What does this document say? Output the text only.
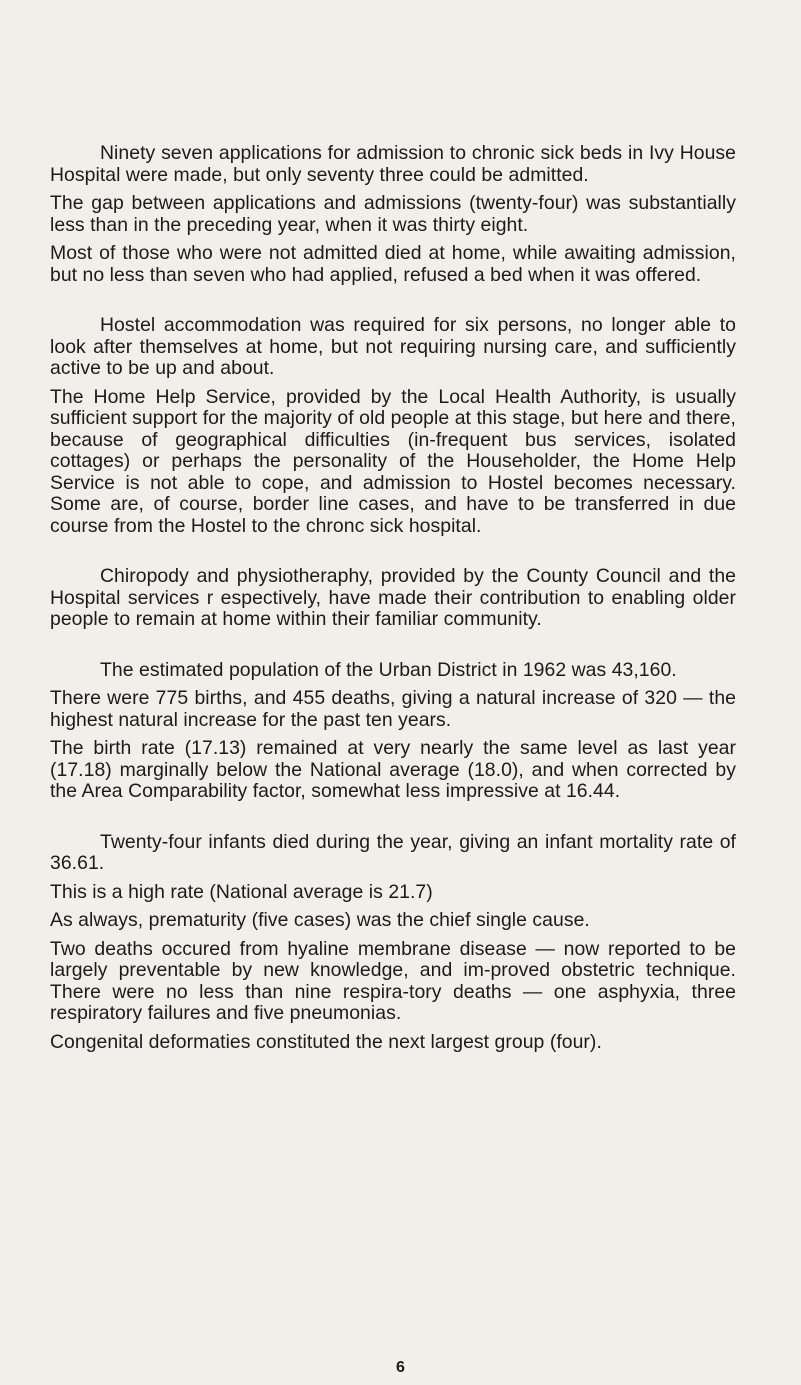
Ninety seven applications for admission to chronic sick beds in Ivy House Hospital were made, but only seventy three could be admitted.

The gap between applications and admissions (twenty-four) was substantially less than in the preceding year, when it was thirty eight.

Most of those who were not admitted died at home, while awaiting admission, but no less than seven who had applied, refused a bed when it was offered.

Hostel accommodation was required for six persons, no longer able to look after themselves at home, but not requiring nursing care, and sufficiently active to be up and about.

The Home Help Service, provided by the Local Health Authority, is usually sufficient support for the majority of old people at this stage, but here and there, because of geographical difficulties (in-frequent bus services, isolated cottages) or perhaps the personality of the Householder, the Home Help Service is not able to cope, and admission to Hostel becomes necessary. Some are, of course, border line cases, and have to be transferred in due course from the Hostel to the chronc sick hospital.

Chiropody and physiotheraphy, provided by the County Council and the Hospital services r espectively, have made their contribution to enabling older people to remain at home within their familiar community.

The estimated population of the Urban District in 1962 was 43,160.

There were 775 births, and 455 deaths, giving a natural increase of 320 — the highest natural increase for the past ten years.

The birth rate (17.13) remained at very nearly the same level as last year (17.18) marginally below the National average (18.0), and when corrected by the Area Comparability factor, somewhat less impressive at 16.44.

Twenty-four infants died during the year, giving an infant mortality rate of 36.61.

This is a high rate (National average is 21.7)

As always, prematurity (five cases) was the chief single cause.

Two deaths occured from hyaline membrane disease — now reported to be largely preventable by new knowledge, and im-proved obstetric technique. There were no less than nine respira-tory deaths — one asphyxia, three respiratory failures and five pneumonias.

Congenital deformaties constituted the next largest group (four).

6
